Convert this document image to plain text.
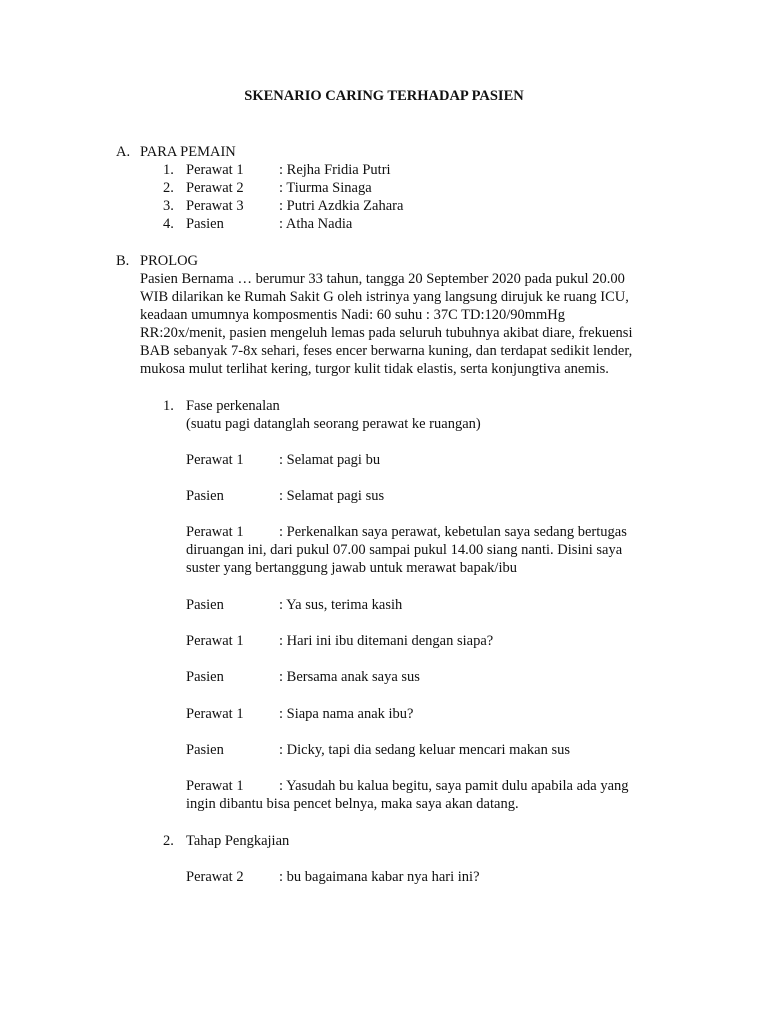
SKENARIO CARING TERHADAP PASIEN
A. PARA PEMAIN
1. Perawat 1 : Rejha Fridia Putri
2. Perawat 2 : Tiurma Sinaga
3. Perawat 3 : Putri Azdkia Zahara
4. Pasien	: Atha Nadia
B. PROLOG
Pasien Bernama … berumur 33 tahun, tangga 20 September 2020 pada pukul 20.00
WIB dilarikan ke Rumah Sakit G oleh istrinya yang langsung dirujuk ke ruang ICU,
keadaan umumnya komposmentis Nadi: 60 suhu : 37C TD:120/90mmHg
RR:20x/menit, pasien mengeluh lemas pada seluruh tubuhnya akibat diare, frekuensi
BAB sebanyak 7-8x sehari, feses encer berwarna kuning, dan terdapat sedikit lender,
mukosa mulut terlihat kering, turgor kulit tidak elastis, serta konjungtiva anemis.
1. Fase perkenalan
(suatu pagi datanglah seorang perawat ke ruangan)
Perawat 1 : Selamat pagi bu
Pasien	: Selamat pagi sus
Perawat 1 : Perkenalkan saya perawat, kebetulan saya sedang bertugas
diruangan ini, dari pukul 07.00 sampai pukul 14.00 siang nanti. Disini saya
suster yang bertanggung jawab untuk merawat bapak/ibu
Pasien	: Ya sus, terima kasih
Perawat 1 : Hari ini ibu ditemani dengan siapa?
Pasien	: Bersama anak saya sus
Perawat 1 : Siapa nama anak ibu?
Pasien	: Dicky, tapi dia sedang keluar mencari makan sus
Perawat 1 : Yasudah bu kalua begitu, saya pamit dulu apabila ada yang
ingin dibantu bisa pencet belnya, maka saya akan datang.
2. Tahap Pengkajian
Perawat 2 : bu bagaimana kabar nya hari ini?
